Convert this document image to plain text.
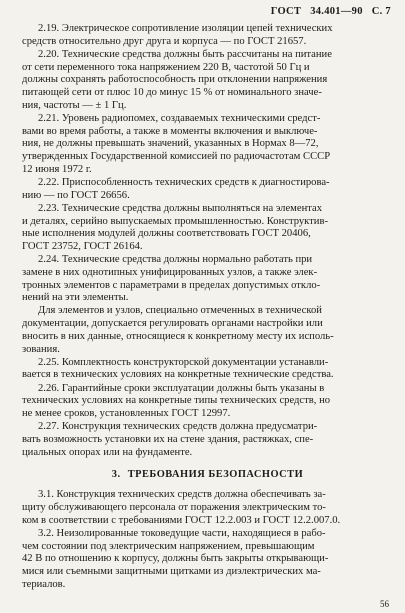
ГОСТ 34.401—90 С. 7

2.19. Электрическое сопротивление изоляции цепей технических
средств относительно друг друга и корпуса — по ГОСТ 21657.

2.20. Технические средства должны быть рассчитаны на питание
от сети переменного тока напряжением 220 В, частотой 50 Гц и
должны сохранять работоспособность при отклонении напряжения
питающей сети от плюс 10 до минус 15 % от номинального значе-
ния, частоты — ± 1 Гц.

2.21. Уровень радиопомех, создаваемых техническими средст-
вами во время работы, а также в моменты включения и выключе-
ния, не должны превышать значений, указанных в Нормах 8—72,
утвержденных Государственной комиссией по радиочастотам СССР
12 июня 1972 г.

2.22. Приспособленность технических средств к диагностирова-
нию — по ГОСТ 26656.

2.23. Технические средства должны выполняться на элементах
и деталях, серийно выпускаемых промышленностью. Конструктив-
ные исполнения модулей должны соответствовать ГОСТ 20406,
ГОСТ 23752, ГОСТ 26164.

2.24. Технические средства должны нормально работать при
замене в них однотипных унифицированных узлов, а также элек-
тронных элементов с параметрами в пределах допустимых откло-
нений на эти элементы.

Для элементов и узлов, специально отмеченных в технической
документации, допускается регулировать органами настройки или
вносить в них данные, относящиеся к конкретному месту их исполь-
зования.

2.25. Комплектность конструкторской документации устанавли-
вается в технических условиях на конкретные технические средства.

2.26. Гарантийные сроки эксплуатации должны быть указаны в
технических условиях на конкретные типы технических средств, но
не менее сроков, установленных ГОСТ 12997.

2.27. Конструкция технических средств должна предусматри-
вать возможность установки их на стене здания, растяжках, спе-
циальных опорах или на фундаменте.

3. ТРЕБОВАНИЯ БЕЗОПАСНОСТИ

3.1. Конструкция технических средств должна обеспечивать за-
щиту обслуживающего персонала от поражения электрическим то-
ком в соответствии с требованиями ГОСТ 12.2.003 и ГОСТ 12.2.007.0.

3.2. Неизолированные токоведущие части, находящиеся в рабо-
чем состоянии под электрическим напряжением, превышающим
42 В по отношению к корпусу, должны быть закрыты открывающи-
мися или съемными защитными щитками из диэлектрических ма-
териалов.

56
